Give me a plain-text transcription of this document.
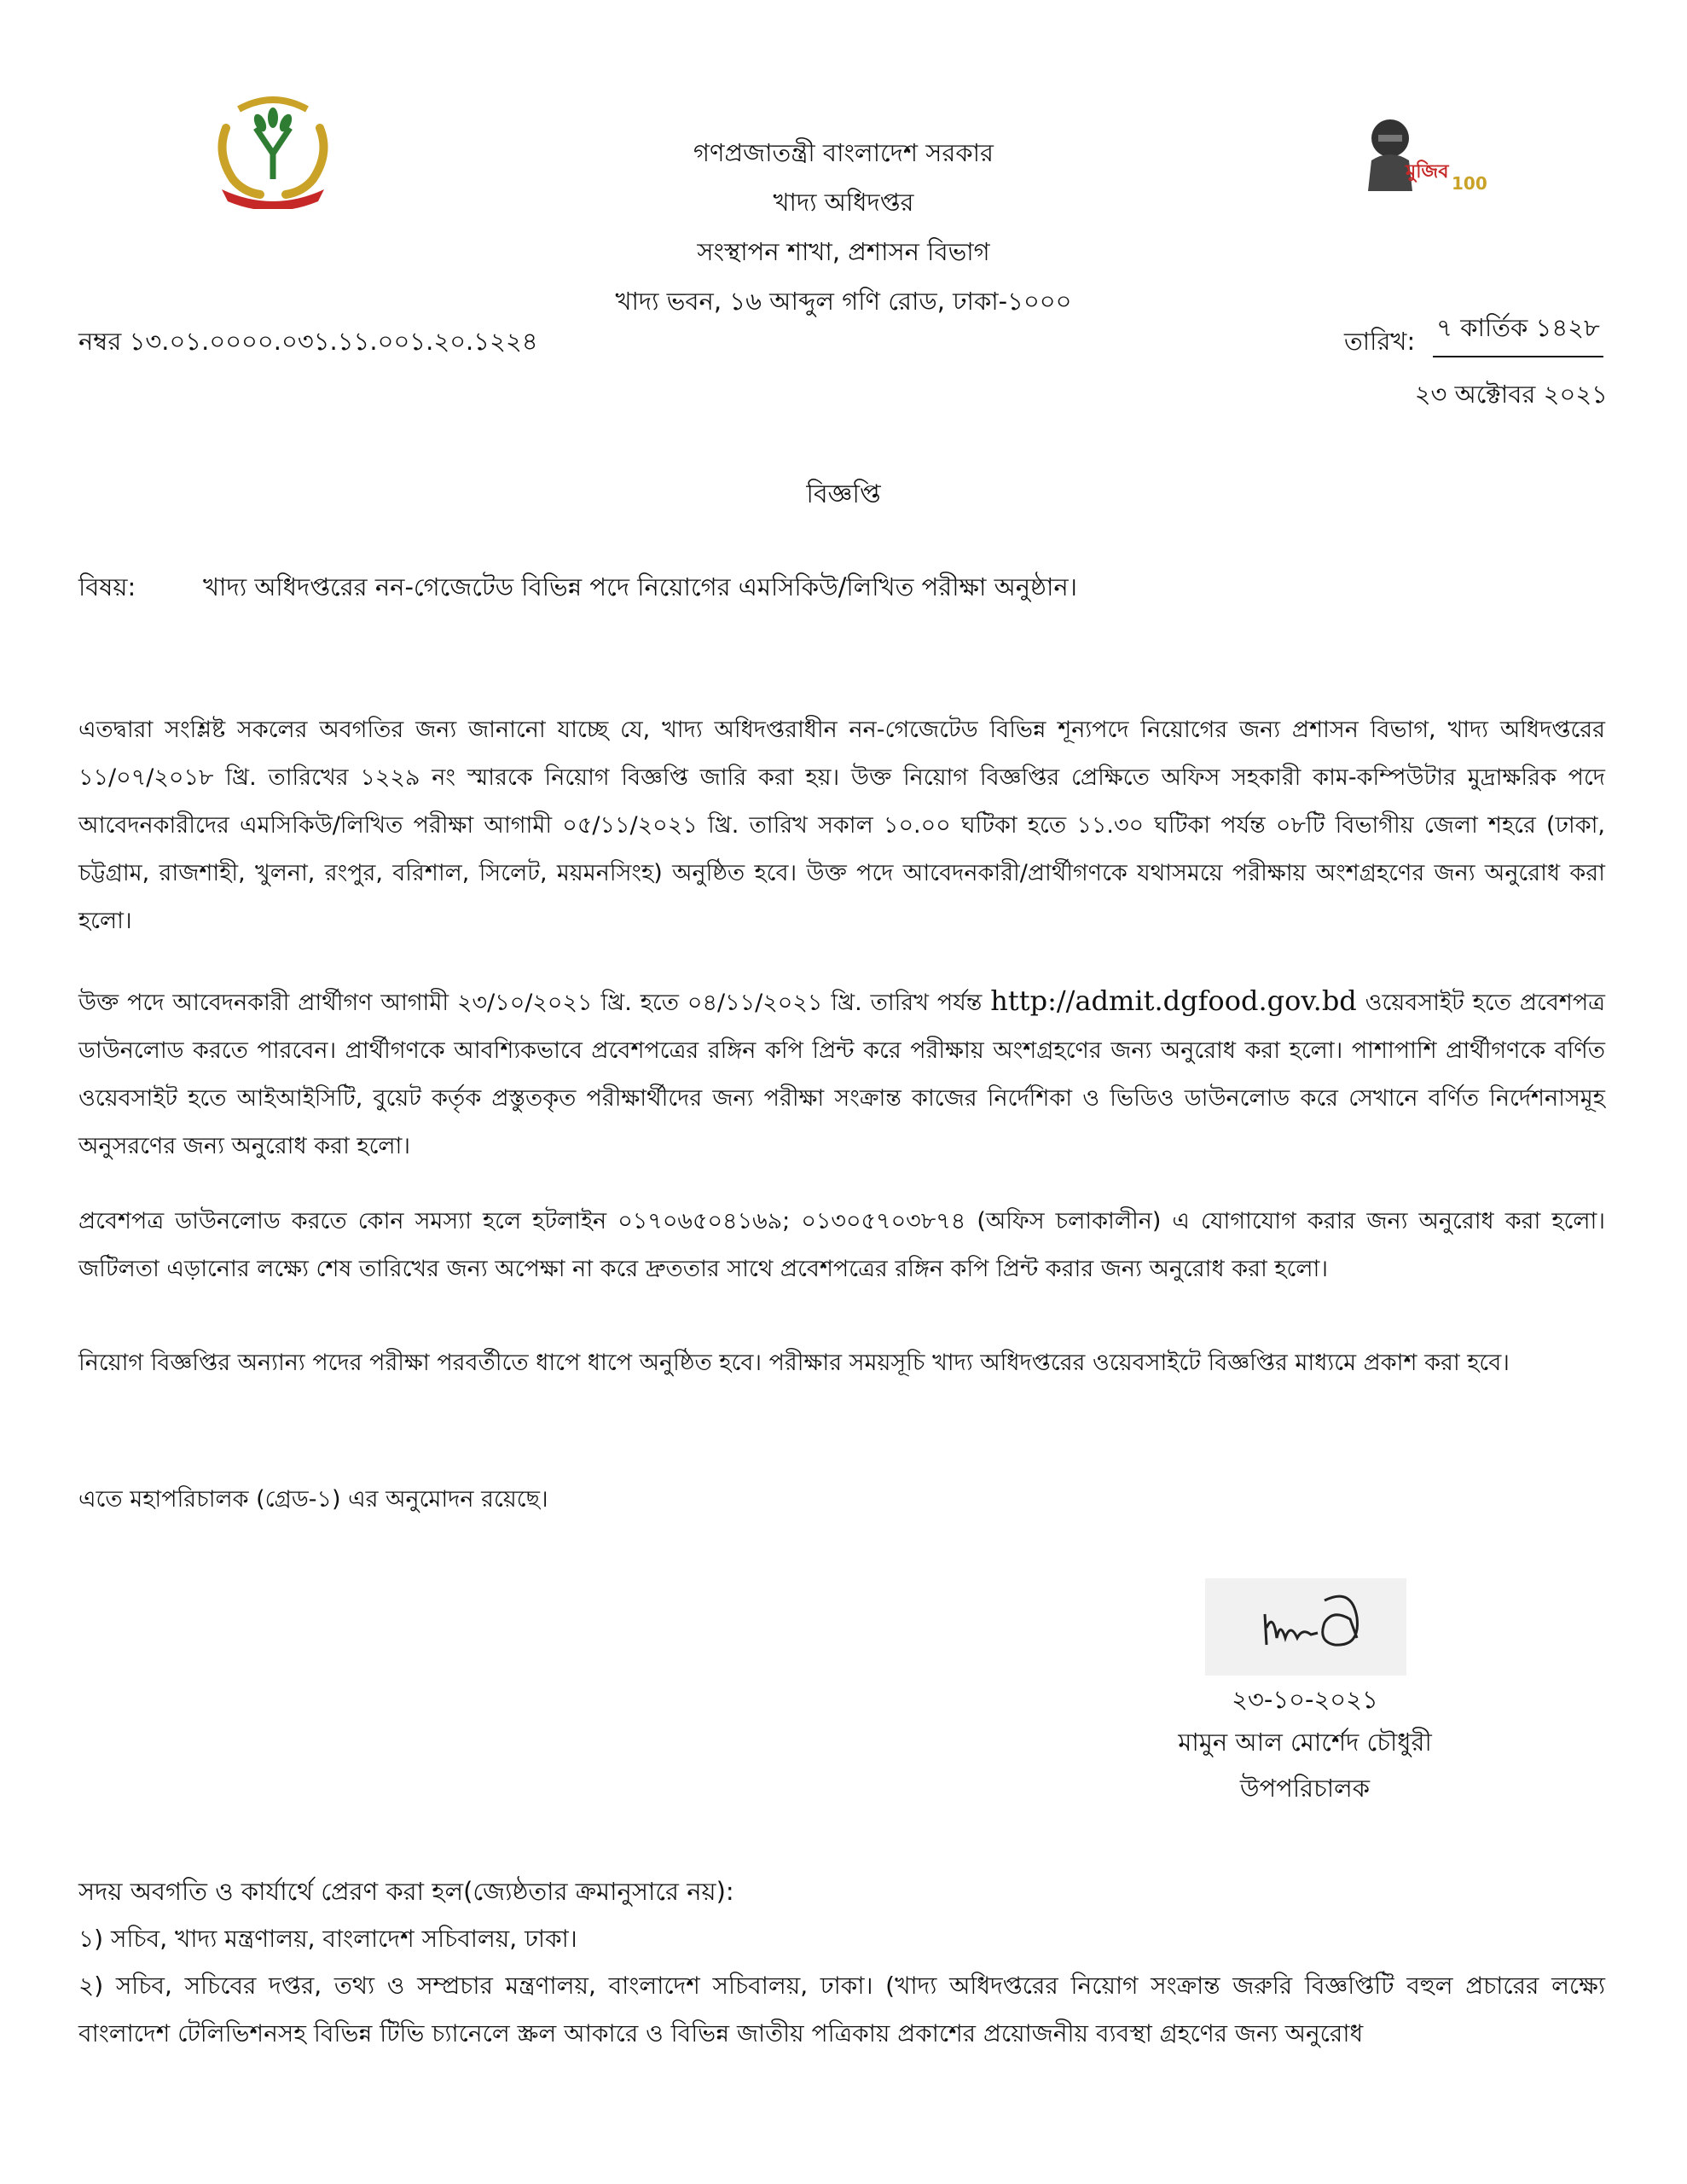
মুজিব
100
গণপ্রজাতন্ত্রী বাংলাদেশ সরকার
খাদ্য অধিদপ্তর
সংস্থাপন শাখা, প্রশাসন বিভাগ
খাদ্য ভবন, ১৬ আব্দুল গণি রোড, ঢাকা-১০০০
নম্বর ১৩.০১.০০০০.০৩১.১১.০০১.২০.১২২৪	তারিখ: ৭ কার্তিক ১৪২৮
২৩ অক্টোবর ২০২১
বিজ্ঞপ্তি
বিষয়:	খাদ্য অধিদপ্তরের নন-গেজেটেড বিভিন্ন পদে নিয়োগের এমসিকিউ/লিখিত পরীক্ষা অনুষ্ঠান।

এতদ্বারা সংশ্লিষ্ট সকলের অবগতির জন্য জানানো যাচ্ছে যে, খাদ্য অধিদপ্তরাধীন নন-গেজেটেড বিভিন্ন শূন্যপদে নিয়োগের জন্য প্রশাসন বিভাগ, খাদ্য অধিদপ্তরের ১১/০৭/২০১৮ খ্রি. তারিখের ১২২৯ নং স্মারকে নিয়োগ বিজ্ঞপ্তি জারি করা হয়। উক্ত নিয়োগ বিজ্ঞপ্তির প্রেক্ষিতে অফিস সহকারী কাম-কম্পিউটার মুদ্রাক্ষরিক পদে আবেদনকারীদের এমসিকিউ/লিখিত পরীক্ষা আগামী ০৫/১১/২০২১ খ্রি. তারিখ সকাল ১০.০০ ঘটিকা হতে ১১.৩০ ঘটিকা পর্যন্ত ০৮টি বিভাগীয় জেলা শহরে (ঢাকা, চট্টগ্রাম, রাজশাহী, খুলনা, রংপুর, বরিশাল, সিলেট, ময়মনসিংহ) অনুষ্ঠিত হবে। উক্ত পদে আবেদনকারী/প্রার্থীগণকে যথাসময়ে পরীক্ষায় অংশগ্রহণের জন্য অনুরোধ করা হলো।

উক্ত পদে আবেদনকারী প্রার্থীগণ আগামী ২৩/১০/২০২১ খ্রি. হতে ০৪/১১/২০২১ খ্রি. তারিখ পর্যন্ত http://admit.dgfood.gov.bd ওয়েবসাইট হতে প্রবেশপত্র ডাউনলোড করতে পারবেন। প্রার্থীগণকে আবশ্যিকভাবে প্রবেশপত্রের রঙ্গিন কপি প্রিন্ট করে পরীক্ষায় অংশগ্রহণের জন্য অনুরোধ করা হলো। পাশাপাশি প্রার্থীগণকে বর্ণিত ওয়েবসাইট হতে আইআইসিটি, বুয়েট কর্তৃক প্রস্তুতকৃত পরীক্ষার্থীদের জন্য পরীক্ষা সংক্রান্ত কাজের নির্দেশিকা ও ভিডিও ডাউনলোড করে সেখানে বর্ণিত নির্দেশনাসমূহ অনুসরণের জন্য অনুরোধ করা হলো।

প্রবেশপত্র ডাউনলোড করতে কোন সমস্যা হলে হটলাইন ০১৭০৬৫০৪১৬৯; ০১৩০৫৭০৩৮৭৪ (অফিস চলাকালীন) এ যোগাযোগ করার জন্য অনুরোধ করা হলো। জটিলতা এড়ানোর লক্ষ্যে শেষ তারিখের জন্য অপেক্ষা না করে দ্রুততার সাথে প্রবেশপত্রের রঙ্গিন কপি প্রিন্ট করার জন্য অনুরোধ করা হলো।

নিয়োগ বিজ্ঞপ্তির অন্যান্য পদের পরীক্ষা পরবর্তীতে ধাপে ধাপে অনুষ্ঠিত হবে। পরীক্ষার সময়সূচি খাদ্য অধিদপ্তরের ওয়েবসাইটে বিজ্ঞপ্তির মাধ্যমে প্রকাশ করা হবে।

এতে মহাপরিচালক (গ্রেড-১) এর অনুমোদন রয়েছে।

২৩-১০-২০২১
মামুন আল মোর্শেদ চৌধুরী
উপপরিচালক
সদয় অবগতি ও কার্যার্থে প্রেরণ করা হল(জ্যেষ্ঠতার ক্রমানুসারে নয়):

১) সচিব, খাদ্য মন্ত্রণালয়, বাংলাদেশ সচিবালয়, ঢাকা।

২) সচিব, সচিবের দপ্তর, তথ্য ও সম্প্রচার মন্ত্রণালয়, বাংলাদেশ সচিবালয়, ঢাকা। (খাদ্য অধিদপ্তরের নিয়োগ সংক্রান্ত জরুরি বিজ্ঞপ্তিটি বহুল প্রচারের লক্ষ্যে বাংলাদেশ টেলিভিশনসহ বিভিন্ন টিভি চ্যানেলে স্ক্রল আকারে ও বিভিন্ন জাতীয় পত্রিকায় প্রকাশের প্রয়োজনীয় ব্যবস্থা গ্রহণের জন্য অনুরোধ
